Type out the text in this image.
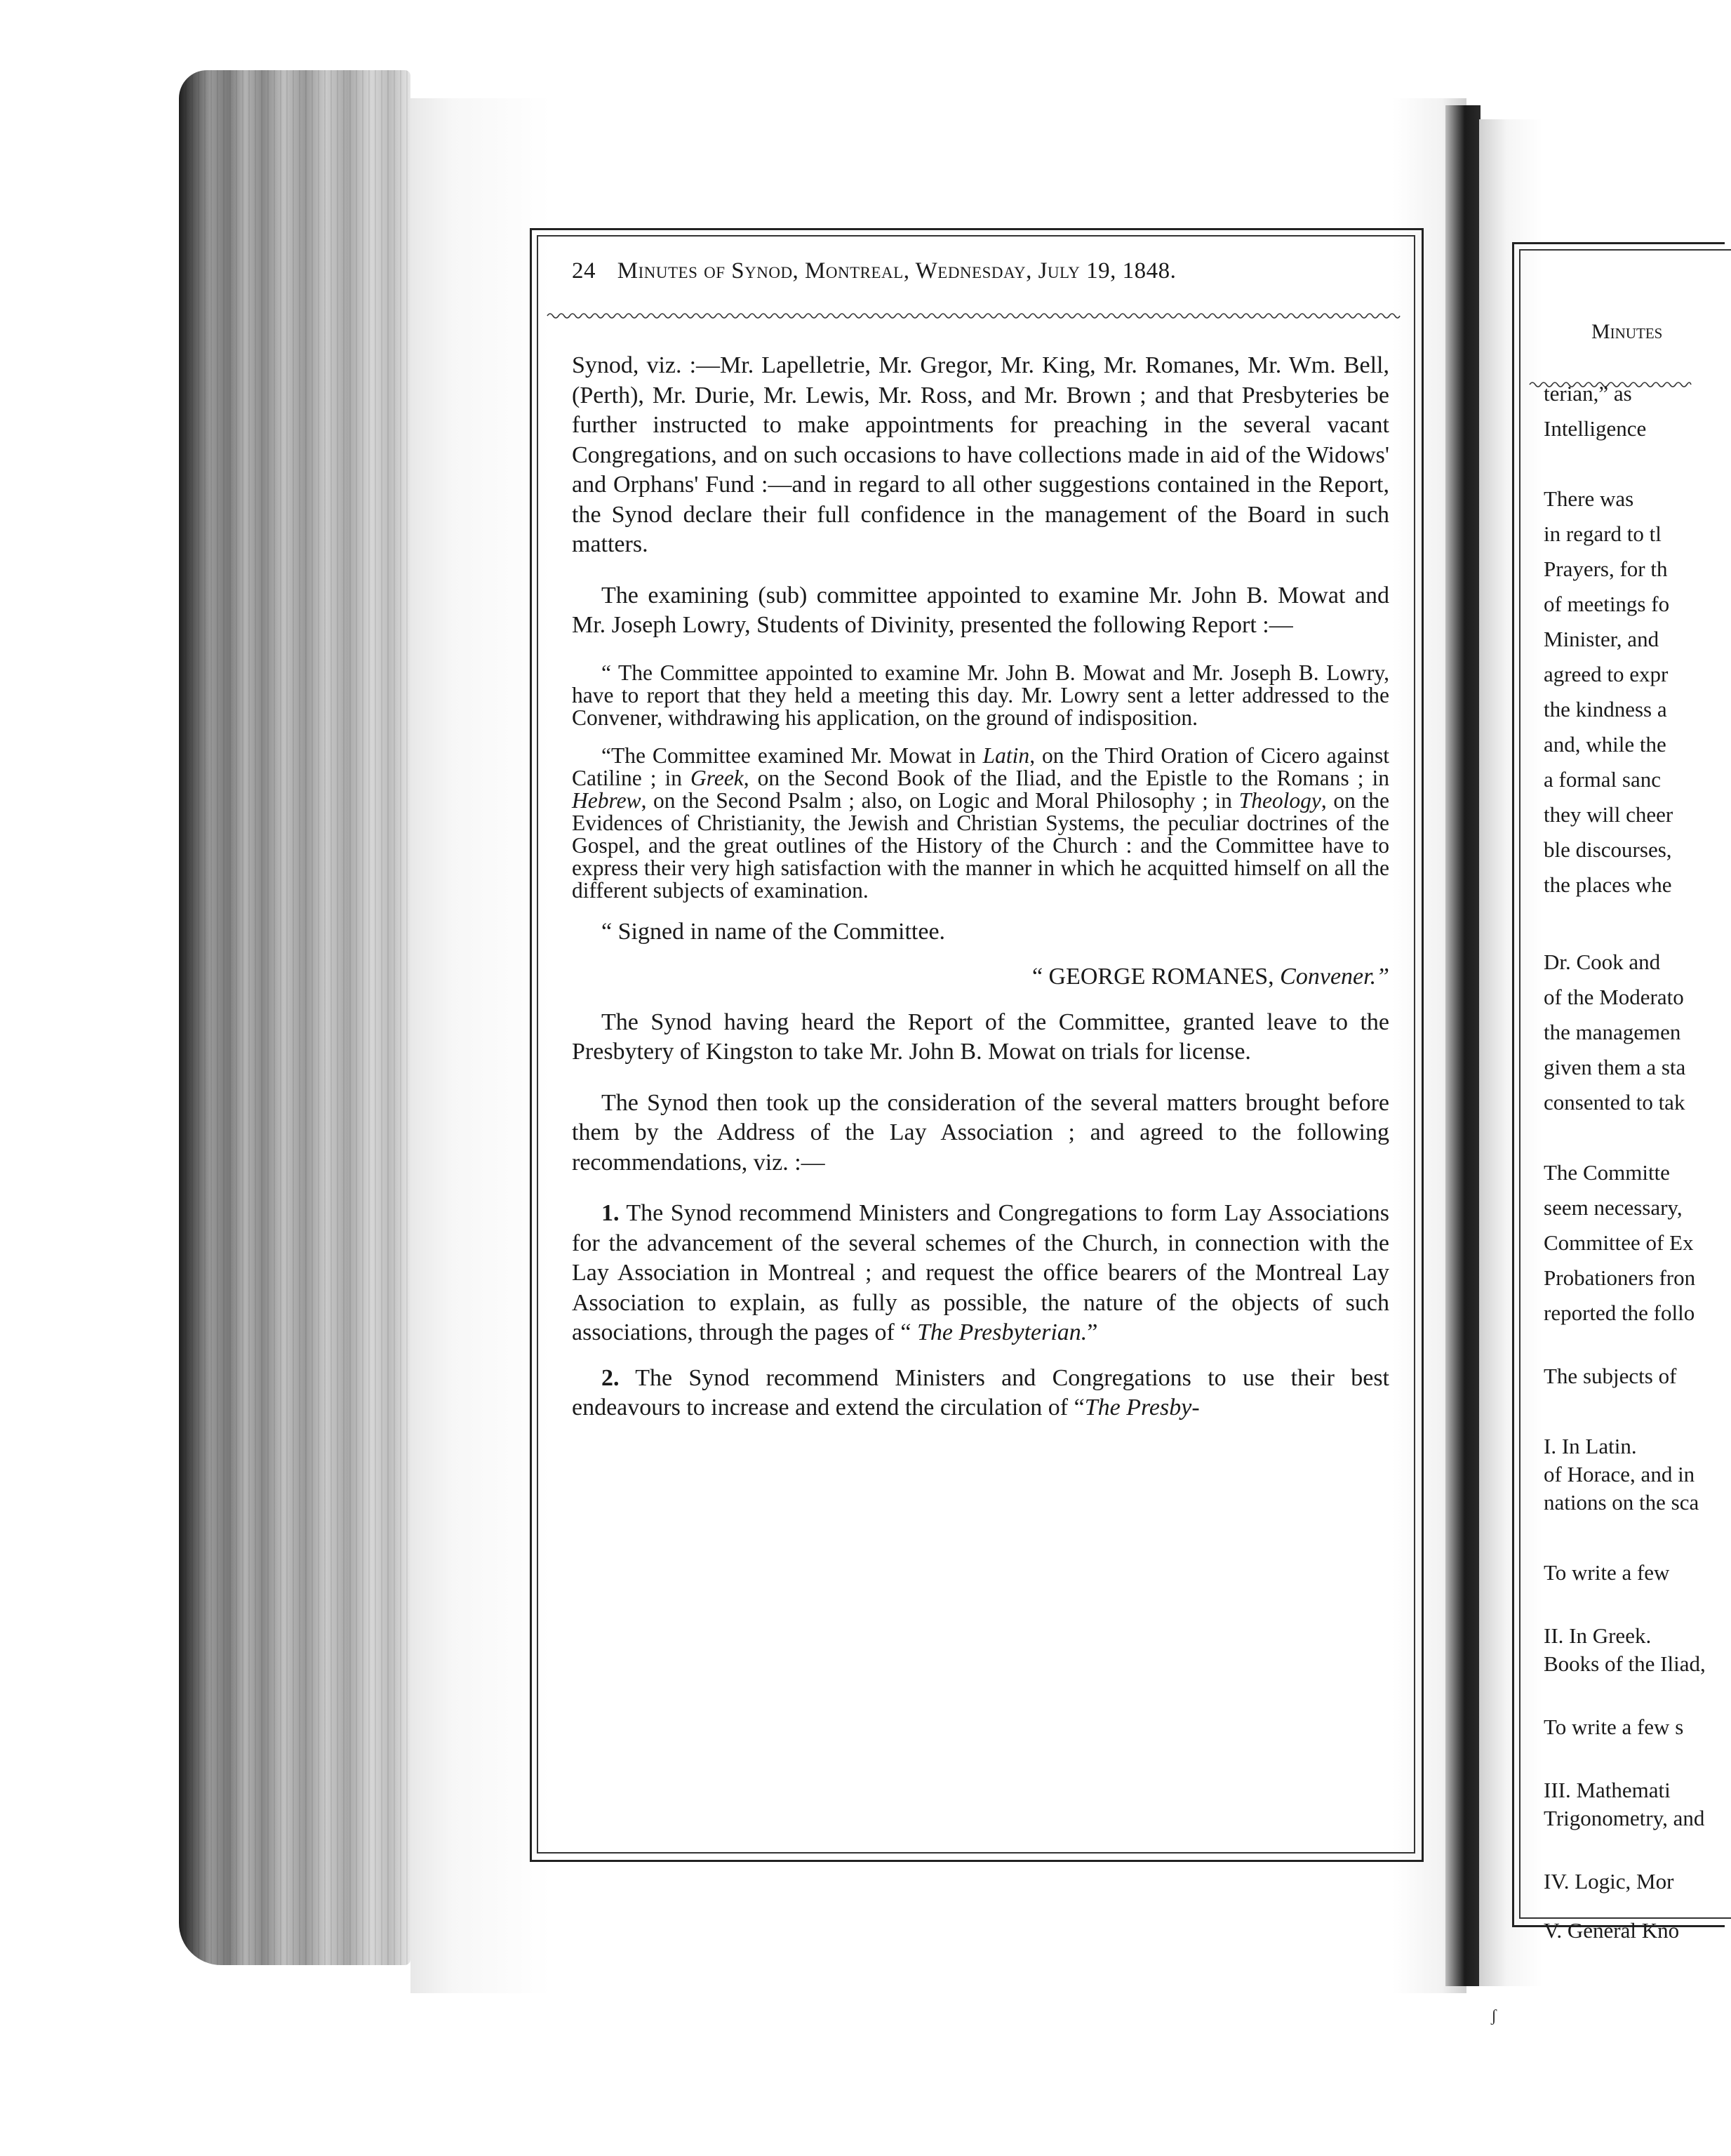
24 Minutes of Synod, Montreal, Wednesday, July 19, 1848.

Synod, viz. :—Mr. Lapelletrie, Mr. Gregor, Mr. King, Mr. Romanes, Mr. Wm. Bell, (Perth), Mr. Durie, Mr. Lewis, Mr. Ross, and Mr. Brown ; and that Presbyteries be further instructed to make appointments for preaching in the several vacant Congregations, and on such occasions to have collections made in aid of the Widows' and Orphans' Fund :—and in regard to all other suggestions contained in the Report, the Synod declare their full confidence in the management of the Board in such matters.

The examining (sub) committee appointed to examine Mr. John B. Mowat and Mr. Joseph Lowry, Students of Divinity, presented the following Report :—

“ The Committee appointed to examine Mr. John B. Mowat and Mr. Joseph B. Lowry, have to report that they held a meeting this day. Mr. Lowry sent a letter addressed to the Convener, withdrawing his application, on the ground of indisposition.

“The Committee examined Mr. Mowat in Latin, on the Third Oration of Cicero against Catiline ; in Greek, on the Second Book of the Iliad, and the Epistle to the Romans ; in Hebrew, on the Second Psalm ; also, on Logic and Moral Philosophy ; in Theology, on the Evidences of Christianity, the Jewish and Christian Systems, the peculiar doctrines of the Gospel, and the great outlines of the History of the Church : and the Committee have to express their very high satisfaction with the manner in which he acquitted himself on all the different subjects of examination.

“ Signed in name of the Committee.

“ GEORGE ROMANES, Convener.”

The Synod having heard the Report of the Committee, granted leave to the Presbytery of Kingston to take Mr. John B. Mowat on trials for license.

The Synod then took up the consideration of the several matters brought before them by the Address of the Lay Association ; and agreed to the following recommendations, viz. :—

1. The Synod recommend Ministers and Congregations to form Lay Associations for the advancement of the several schemes of the Church, in connection with the Lay Association in Montreal ; and request the office bearers of the Montreal Lay Association to explain, as fully as possible, the nature of the objects of such associations, through the pages of “ The Presbyterian.”

2. The Synod recommend Ministers and Congregations to use their best endeavours to increase and extend the circulation of “The Presby-

Minutes
terian,” as
Intelligence
There was
in regard to tl
Prayers, for th
of meetings fo
Minister, and
agreed to expr
the kindness a
and, while the
a formal sanc
they will cheer
ble discourses,
the places whe
Dr. Cook and
of the Moderato
the managemen
given them a sta
consented to tak
The Committe
seem necessary,
Committee of Ex
Probationers fron
reported the follo
The subjects of
I. In Latin.
of Horace, and in
nations on the sca
To write a few
II. In Greek.
Books of the Iliad,
To write a few s
III. Mathemati
Trigonometry, and
IV. Logic, Mor
V. General Kno
ʃ
